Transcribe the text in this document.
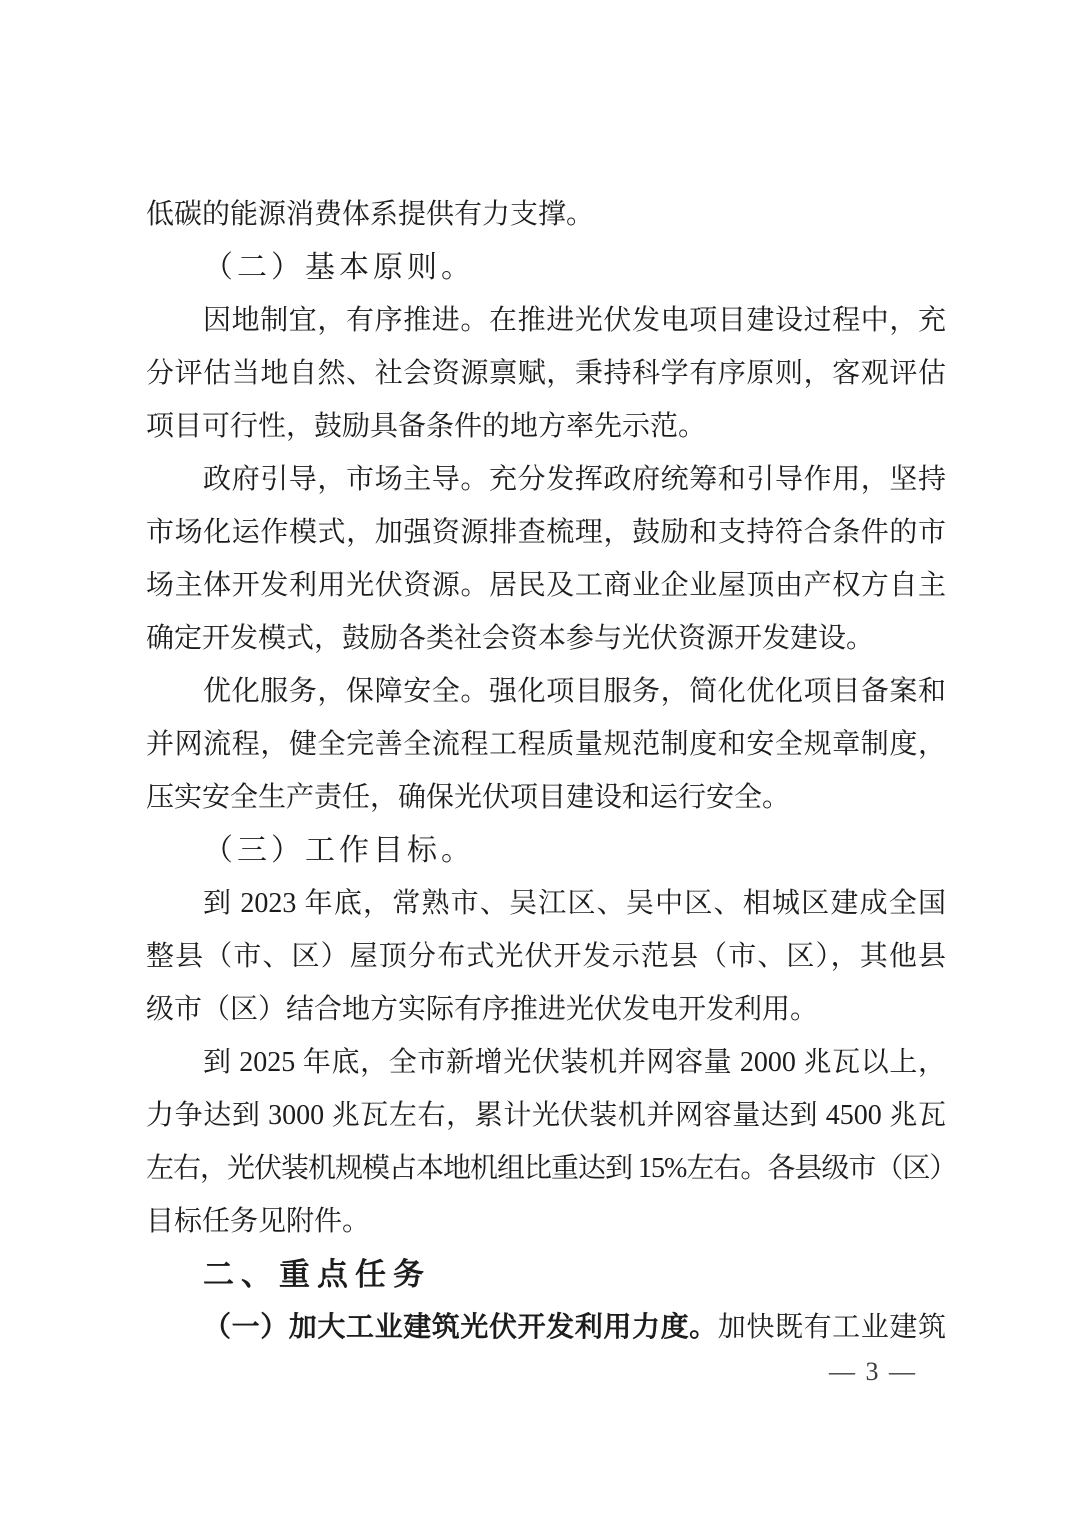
低碳的能源消费体系提供有力支撑。
（二）基本原则。
因地制宜，有序推进。在推进光伏发电项目建设过程中，充
分评估当地自然、社会资源禀赋，秉持科学有序原则，客观评估
项目可行性，鼓励具备条件的地方率先示范。
政府引导，市场主导。充分发挥政府统筹和引导作用，坚持
市场化运作模式，加强资源排查梳理，鼓励和支持符合条件的市
场主体开发利用光伏资源。居民及工商业企业屋顶由产权方自主
确定开发模式，鼓励各类社会资本参与光伏资源开发建设。
优化服务，保障安全。强化项目服务，简化优化项目备案和
并网流程，健全完善全流程工程质量规范制度和安全规章制度，
压实安全生产责任，确保光伏项目建设和运行安全。
（三）工作目标。
到 2023 年底，常熟市、吴江区、吴中区、相城区建成全国
整县（市、区）屋顶分布式光伏开发示范县（市、区），其他县
级市（区）结合地方实际有序推进光伏发电开发利用。
到 2025 年底，全市新增光伏装机并网容量 2000 兆瓦以上，
力争达到 3000 兆瓦左右，累计光伏装机并网容量达到 4500 兆瓦
左右，光伏装机规模占本地机组比重达到 15%左右。各县级市（区）
目标任务见附件。
二、重点任务
（一）加大工业建筑光伏开发利用力度。加快既有工业建筑
— 3 —
